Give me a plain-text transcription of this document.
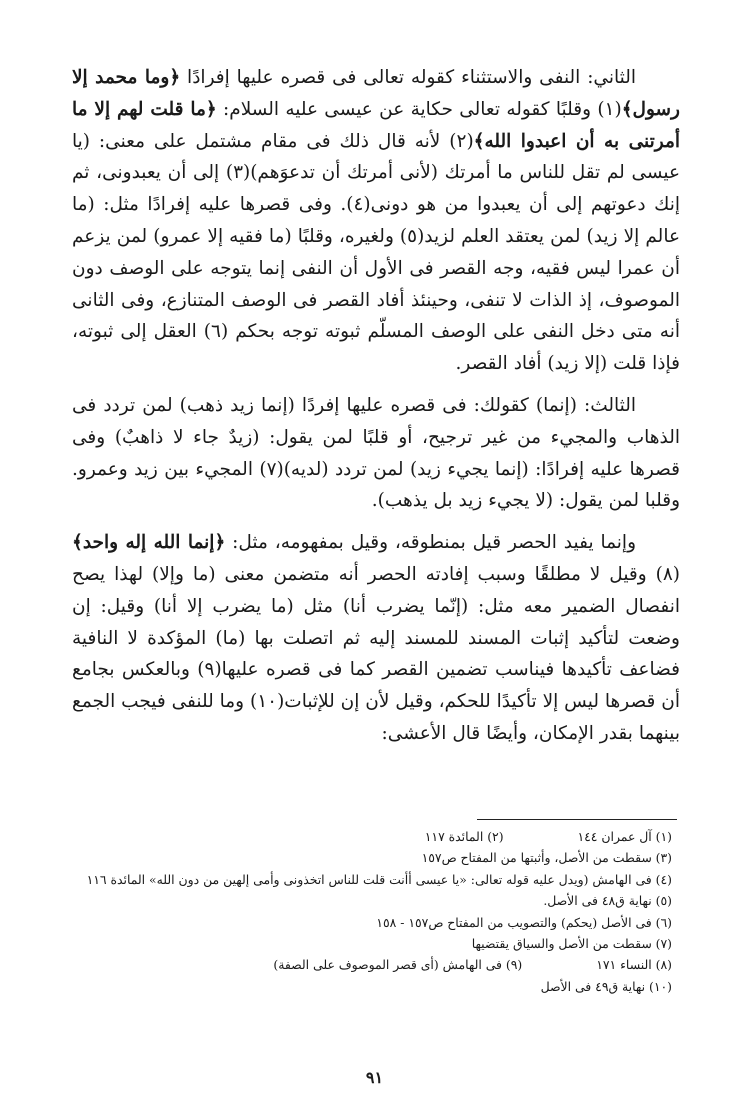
الثاني: النفى والاستثناء كقوله تعالى فى قصره عليها إفرادًا ﴿وما محمد إلا رسول﴾(١) وقلبًا كقوله تعالى حكاية عن عيسى عليه السلام: ﴿ما قلت لهم إلا ما أمرتنى به أن اعبدوا الله﴾(٢) لأنه قال ذلك فى مقام مشتمل على معنى: (يا عيسى لم تقل للناس ما أمرتك (لأنى أمرتك أن تدعوَهم)(٣) إلى أن يعبدونى، ثم إنك دعوتهم إلى أن يعبدوا من هو دونى(٤). وفى قصرها عليه إفرادًا مثل: (ما عالم إلا زيد) لمن يعتقد العلم لزيد(٥) ولغيره، وقلبًا (ما فقيه إلا عمرو) لمن يزعم أن عمرا ليس فقيه، وجه القصر فى الأول أن النفى إنما يتوجه على الوصف دون الموصوف، إذ الذات لا تنفى، وحينئذ أفاد القصر فى الوصف المتنازع، وفى الثانى أنه متى دخل النفى على الوصف المسلّم ثبوته توجه بحكم (٦) العقل إلى ثبوته، فإذا قلت (إلا زيد) أفاد القصر.

الثالث: (إنما) كقولك: فى قصره عليها إفردًا (إنما زيد ذهب) لمن تردد فى الذهاب والمجيء من غير ترجيح، أو قلبًا لمن يقول: (زيدٌ جاء لا ذاهبٌ) وفى قصرها عليه إفرادًا: (إنما يجيء زيد) لمن تردد (لديه)(٧) المجيء بين زيد وعمرو. وقلبا لمن يقول: (لا يجيء زيد بل يذهب).

وإنما يفيد الحصر قيل بمنطوقه، وقيل بمفهومه، مثل: ﴿إنما الله إله واحد﴾(٨) وقيل لا مطلقًا وسبب إفادته الحصر أنه متضمن معنى (ما وإلا) لهذا يصح انفصال الضمير معه مثل: (إنّما يضرب أنا) مثل (ما يضرب إلا أنا) وقيل: إن وضعت لتأكيد إثبات المسند للمسند إليه ثم اتصلت بها (ما) المؤكدة لا النافية فضاعف تأكيدها فيناسب تضمين القصر كما فى قصره عليها(٩) وبالعكس بجامع أن قصرها ليس إلا تأكيدًا للحكم، وقيل لأن إن للإثبات(١٠) وما للنفى فيجب الجمع بينهما بقدر الإمكان، وأيضًا قال الأعشى:

(١) آل عمران ١٤٤ (٢) المائدة ١١٧
(٣) سقطت من الأصل، وأثبتها من المفتاح ص١٥٧
(٤) فى الهامش (ويدل عليه قوله تعالى: «يا عيسى أأنت قلت للناس اتخذونى وأمى إلهين من دون الله» المائدة ١١٦
(٥) نهاية ق٤٨ فى الأصل.
(٦) فى الأصل (يحكم) والتصويب من المفتاح ص١٥٧ - ١٥٨
(٧) سقطت من الأصل والسياق يقتضيها
(٨) النساء ١٧١ (٩) فى الهامش (أى قصر الموصوف على الصفة)
(١٠) نهاية ق٤٩ فى الأصل
٩١
